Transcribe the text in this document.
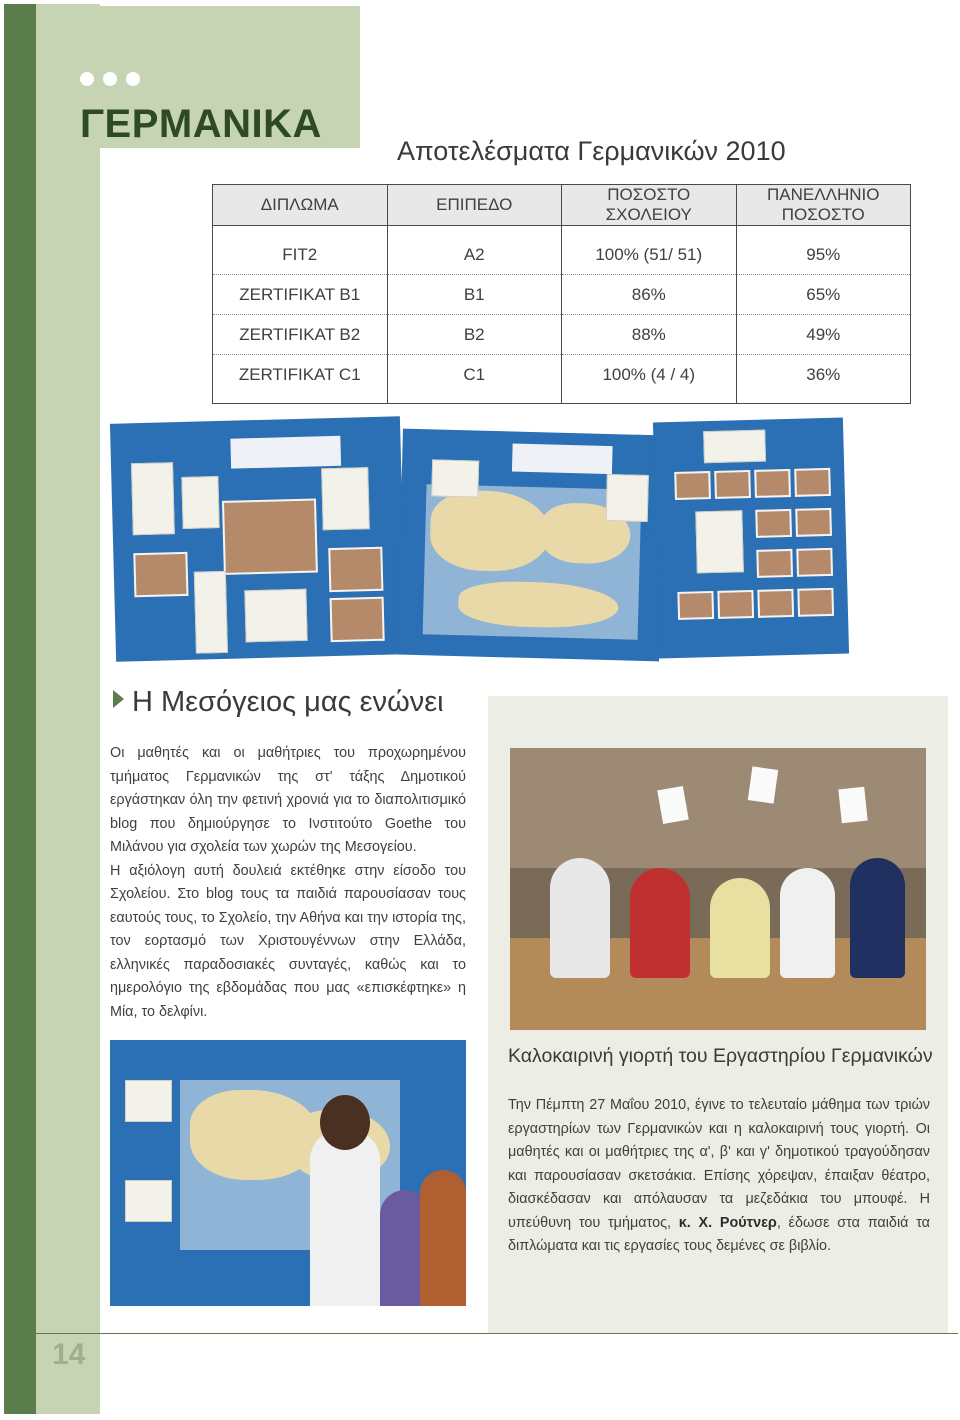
ΓΕΡΜΑΝΙΚΑ
Αποτελέσματα Γερμανικών 2010
ΔΙΠΛΩΜΑ	ΕΠΙΠΕΔΟ	ΠΟΣΟΣΤΟ ΣΧΟΛΕΙΟΥ	ΠΑΝΕΛΛΗΝΙΟ ΠΟΣΟΣΤΟ
FIT2	A2	100% (51/ 51)	95%
ZERTIFIKAT B1	B1	86%	65%
ZERTIFIKAT B2	B2	88%	49%
ZERTIFIKAT C1	C1	100% (4 / 4)	36%
Η Μεσόγειος μας ενώνει

Οι μαθητές και οι μαθήτριες του προχωρημένου τμήματος Γερμανικών της στ' τάξης Δημοτικού εργάστηκαν όλη την φετινή χρονιά για το διαπολιτισμικό blog που δημιούργησε το Ινστιτούτο Goethe του Μιλάνου για σχολεία των χωρών της Μεσογείου.

Η αξιόλογη αυτή δουλειά εκτέθηκε στην είσοδο του Σχολείου. Στο blog τους τα παιδιά παρουσίασαν τους εαυτούς τους, το Σχολείο, την Αθήνα και την ιστορία της, τον εορτασμό των Χριστουγέννων στην Ελλάδα, ελληνικές παραδοσιακές συνταγές, καθώς και το ημερολόγιο της εβδομάδας που μας «επισκέφτηκε» η Μία, το δελφίνι.

Καλοκαιρινή γιορτή του Εργαστηρίου Γερμανικών
Την Πέμπτη 27 Μαΐου 2010, έγινε το τελευταίο μάθημα των τριών εργαστηρίων των Γερμανικών και η καλοκαιρινή τους γιορτή. Οι μαθητές και οι μαθήτριες της α', β' και γ' δημοτικού τραγούδησαν και παρουσίασαν σκετσάκια. Επίσης χόρεψαν, έπαιξαν θέατρο, διασκέδασαν και απόλαυσαν τα μεζεδάκια του μπουφέ. Η υπεύθυνη του τμήματος, κ. Χ. Ρούτνερ, έδωσε στα παιδιά τα διπλώματα και τις εργασίες τους δεμένες σε βιβλίο.
14
